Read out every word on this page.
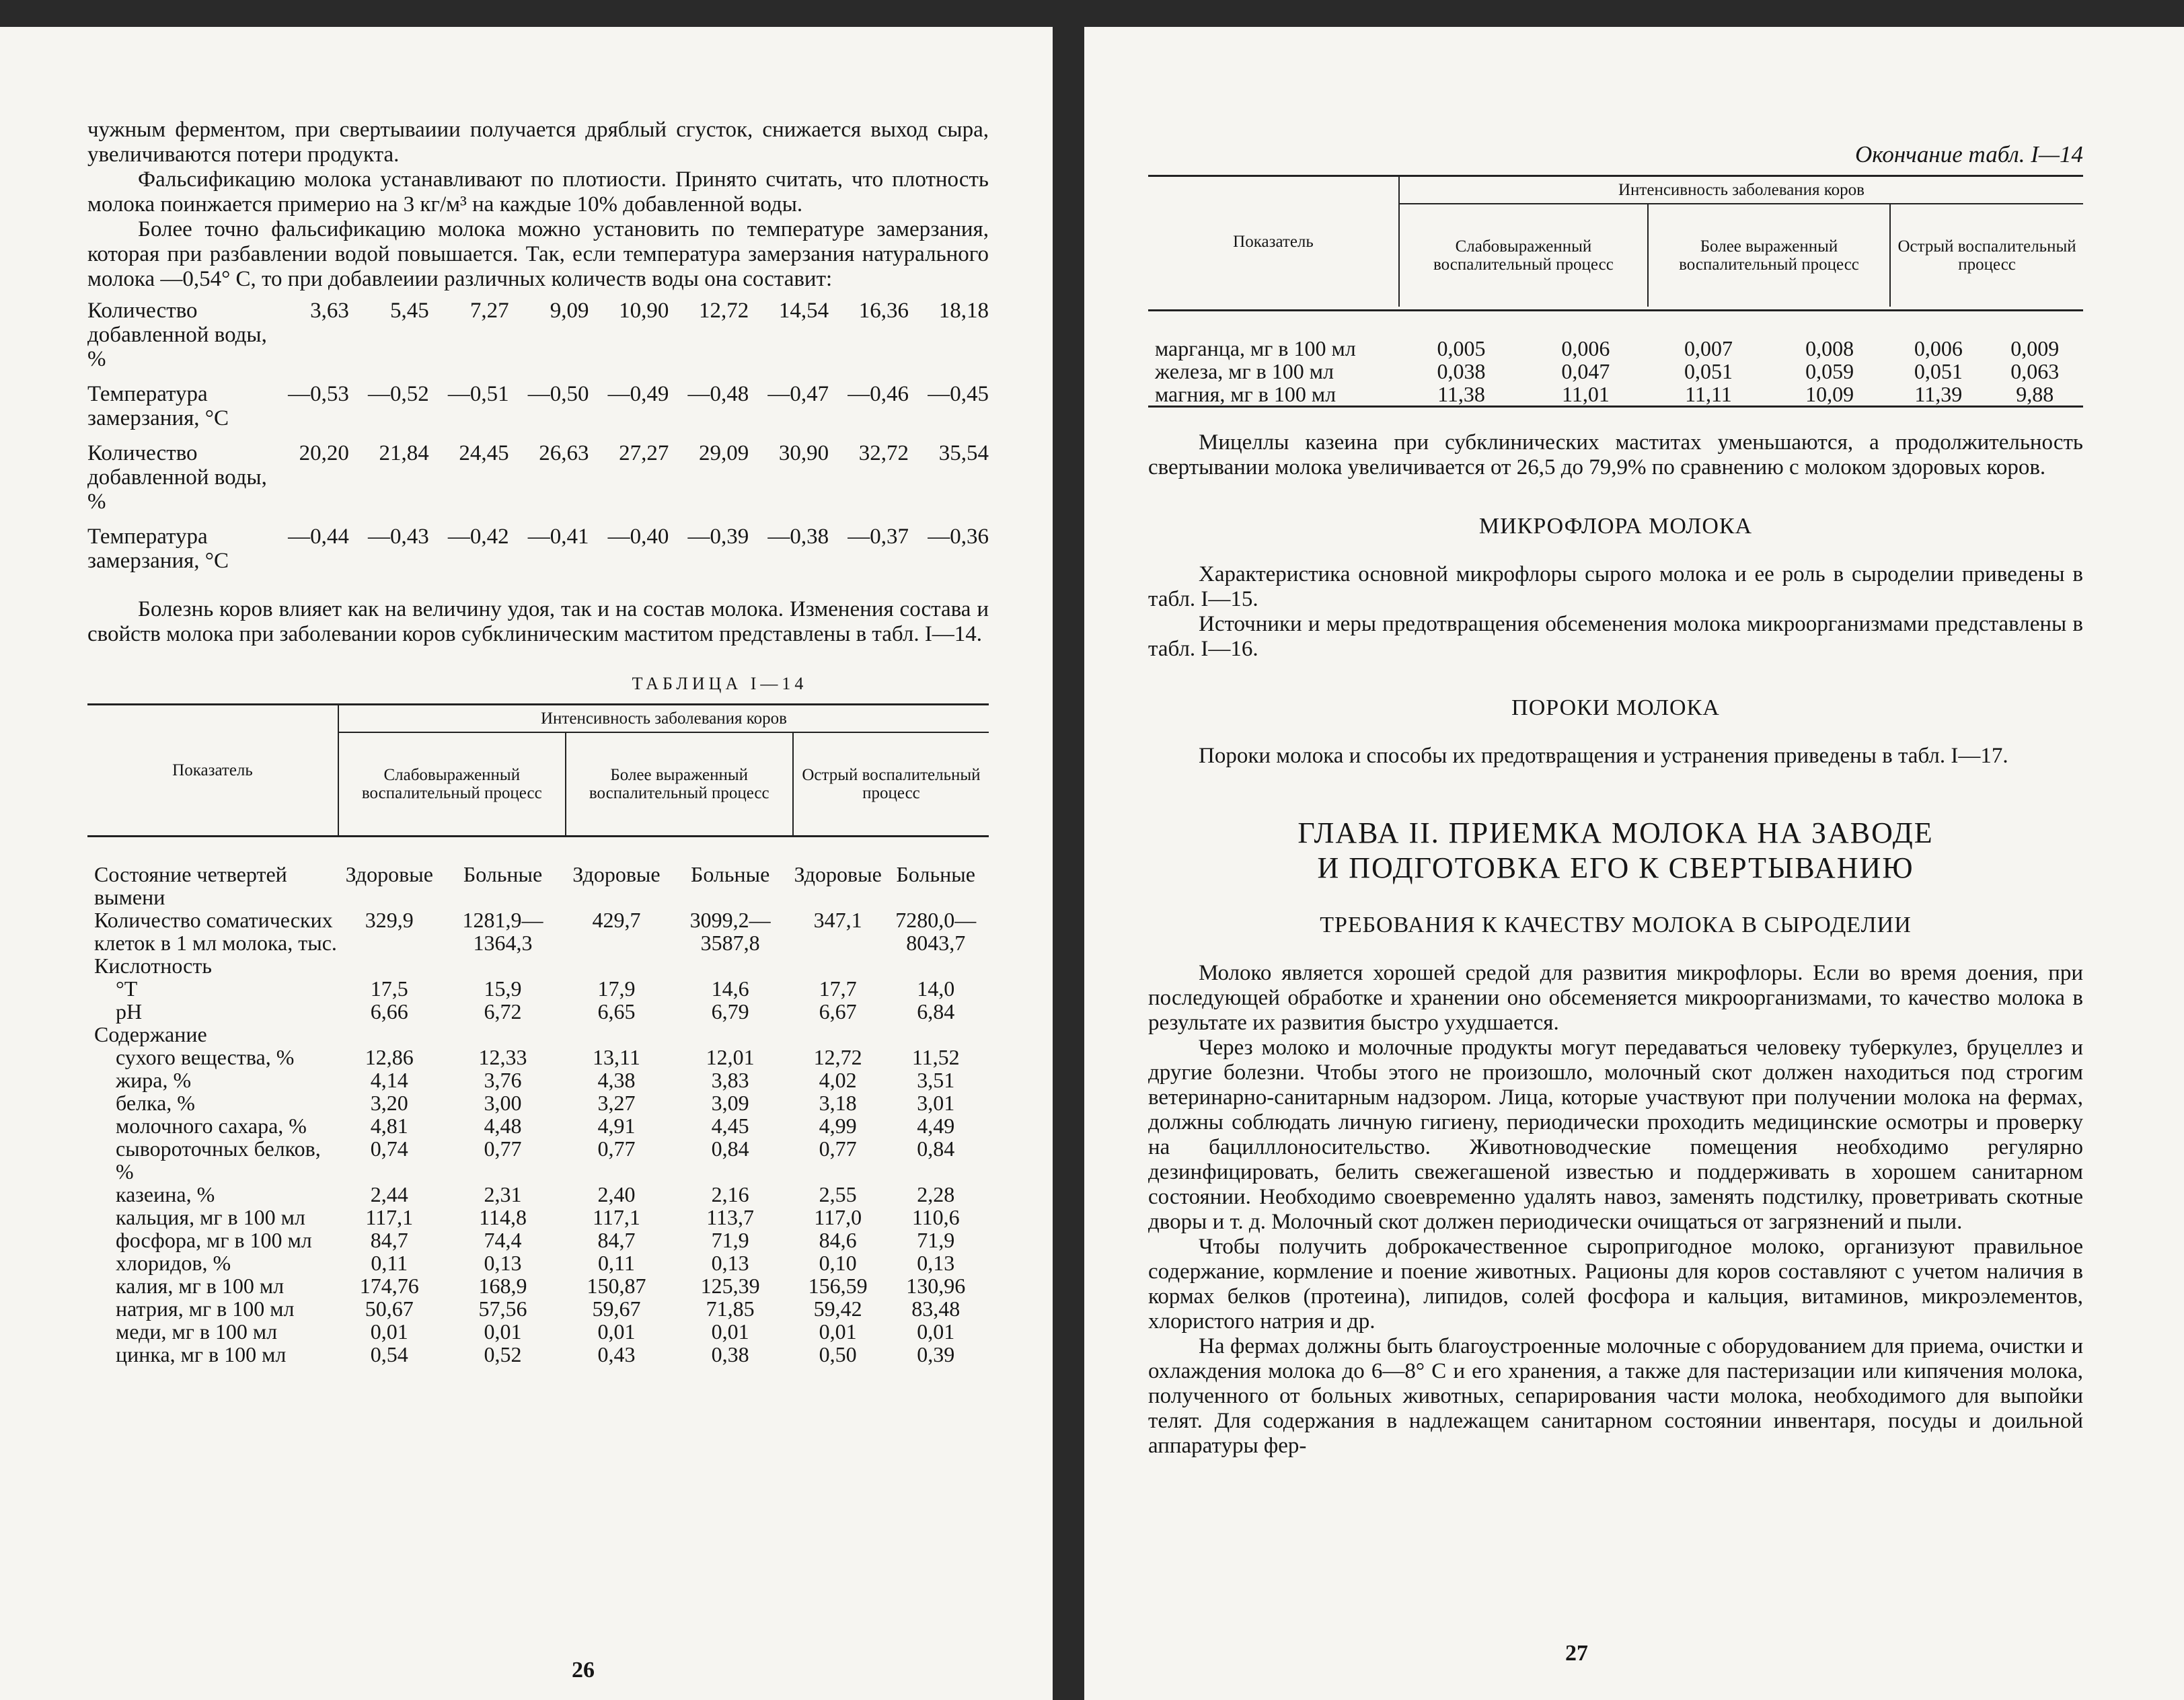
чужным ферментом, при свертываиии получается дряблый сгусток, снижается выход сыра, увеличиваются потери продукта.

Фальсификацию молока устанавливают по плотиости. Принято считать, что плотность молока поинжается примерио на 3 кг/м³ на каждые 10% добавленной воды.

Более точно фальсификацию молока можно установить по температуре замерзания, которая при разбавлении водой повышается. Так, если температура замерзания натурального молока —0,54° С, то при добавлеиии различных количеств воды она составит:

Количество добавленной воды, %	3,63	5,45	7,27	9,09	10,90	12,72	14,54	16,36	18,18
Температура замерзания, °С	—0,53	—0,52	—0,51	—0,50	—0,49	—0,48	—0,47	—0,46	—0,45
Количество добавленной воды, %	20,20	21,84	24,45	26,63	27,27	29,09	30,90	32,72	35,54
Температура замерзания, °С	—0,44	—0,43	—0,42	—0,41	—0,40	—0,39	—0,38	—0,37	—0,36

Болезнь коров влияет как на величину удоя, так и на состав молока. Изменения состава и свойств молока при заболевании коров субклиническим маститом представлены в табл. I—14.

ТАБЛИЦА I—14
Показатель	Интенсивность заболевания коров					
	Слабовыраженный воспалительный процесс		Более выраженный воспалительный процесс		Острый воспалительный процесс	

Состояние четвертей вымени	Здоровые	Больные	Здоровые	Больные	Здоровые	Больные
Количество соматических клеток в 1 мл молока, тыс.	329,9	1281,9—1364,3	429,7	3099,2—3587,8	347,1	7280,0—8043,7
Кислотность						
°Т	17,5	15,9	17,9	14,6	17,7	14,0
pH	6,66	6,72	6,65	6,79	6,67	6,84
Содержание						
сухого вещества, %	12,86	12,33	13,11	12,01	12,72	11,52
жира, %	4,14	3,76	4,38	3,83	4,02	3,51
белка, %	3,20	3,00	3,27	3,09	3,18	3,01
молочного сахара, %	4,81	4,48	4,91	4,45	4,99	4,49
сывороточных белков, %	0,74	0,77	0,77	0,84	0,77	0,84
казеина, %	2,44	2,31	2,40	2,16	2,55	2,28
кальция, мг в 100 мл	117,1	114,8	117,1	113,7	117,0	110,6
фосфора, мг в 100 мл	84,7	74,4	84,7	71,9	84,6	71,9
хлоридов, %	0,11	0,13	0,11	0,13	0,10	0,13
калия, мг в 100 мл	174,76	168,9	150,87	125,39	156,59	130,96
натрия, мг в 100 мл	50,67	57,56	59,67	71,85	59,42	83,48
меди, мг в 100 мл	0,01	0,01	0,01	0,01	0,01	0,01
цинка, мг в 100 мл	0,54	0,52	0,43	0,38	0,50	0,39
26
Окончание табл. I—14
Показатель	Интенсивность заболевания коров					
	Слабовыраженный воспалительный процесс		Более выраженный воспалительный процесс		Острый воспалительный процесс	

марганца, мг в 100 мл	0,005	0,006	0,007	0,008	0,006	0,009
железа, мг в 100 мл	0,038	0,047	0,051	0,059	0,051	0,063
магния, мг в 100 мл	11,38	11,01	11,11	10,09	11,39	9,88

Мицеллы казеина при субклинических маститах уменьшаются, а продолжительность свертывании молока увеличивается от 26,5 до 79,9% по сравнению с молоком здоровых коров.

МИКРОФЛОРА МОЛОКА

Характеристика основной микрофлоры сырого молока и ее роль в сыроделии приведены в табл. I—15.

Источники и меры предотвращения обсеменения молока микроорганизмами представлены в табл. I—16.

ПОРОКИ МОЛОКА

Пороки молока и способы их предотвращения и устранения приведены в табл. I—17.

ГЛАВА II. ПРИЕМКА МОЛОКА НА ЗАВОДЕ
И ПОДГОТОВКА ЕГО К СВЕРТЫВАНИЮ
ТРЕБОВАНИЯ К КАЧЕСТВУ МОЛОКА В СЫРОДЕЛИИ

Молоко является хорошей средой для развития микрофлоры. Если во время доения, при последующей обработке и хранении оно обсеменяется микроорганизмами, то качество молока в результате их развития быстро ухудшается.

Через молоко и молочные продукты могут передаваться человеку туберкулез, бруцеллез и другие болезни. Чтобы этого не произошло, молочный скот должен находиться под строгим ветеринарно-санитарным надзором. Лица, которые участвуют при получении молока на фермах, должны соблюдать личную гигиену, периодически проходить медицинские осмотры и проверку на бацилллоносительство. Животноводческие помещения необходимо регулярно дезинфицировать, белить свежегашеной известью и поддерживать в хорошем санитарном состоянии. Необходимо своевременно удалять навоз, заменять подстилку, проветривать скотные дворы и т. д. Молочный скот должен периодически очищаться от загрязнений и пыли.

Чтобы получить доброкачественное сыропригодное молоко, организуют правильное содержание, кормление и поение животных. Рационы для коров составляют с учетом наличия в кормах белков (протеина), липидов, солей фосфора и кальция, витаминов, микроэлементов, хлористого натрия и др.

На фермах должны быть благоустроенные молочные с оборудованием для приема, очистки и охлаждения молока до 6—8° С и его хранения, а также для пастеризации или кипячения молока, полученного от больных животных, сепарирования части молока, необходимого для выпойки телят. Для содержания в надлежащем санитарном состоянии инвентаря, посуды и доильной аппаратуры фер-

27
